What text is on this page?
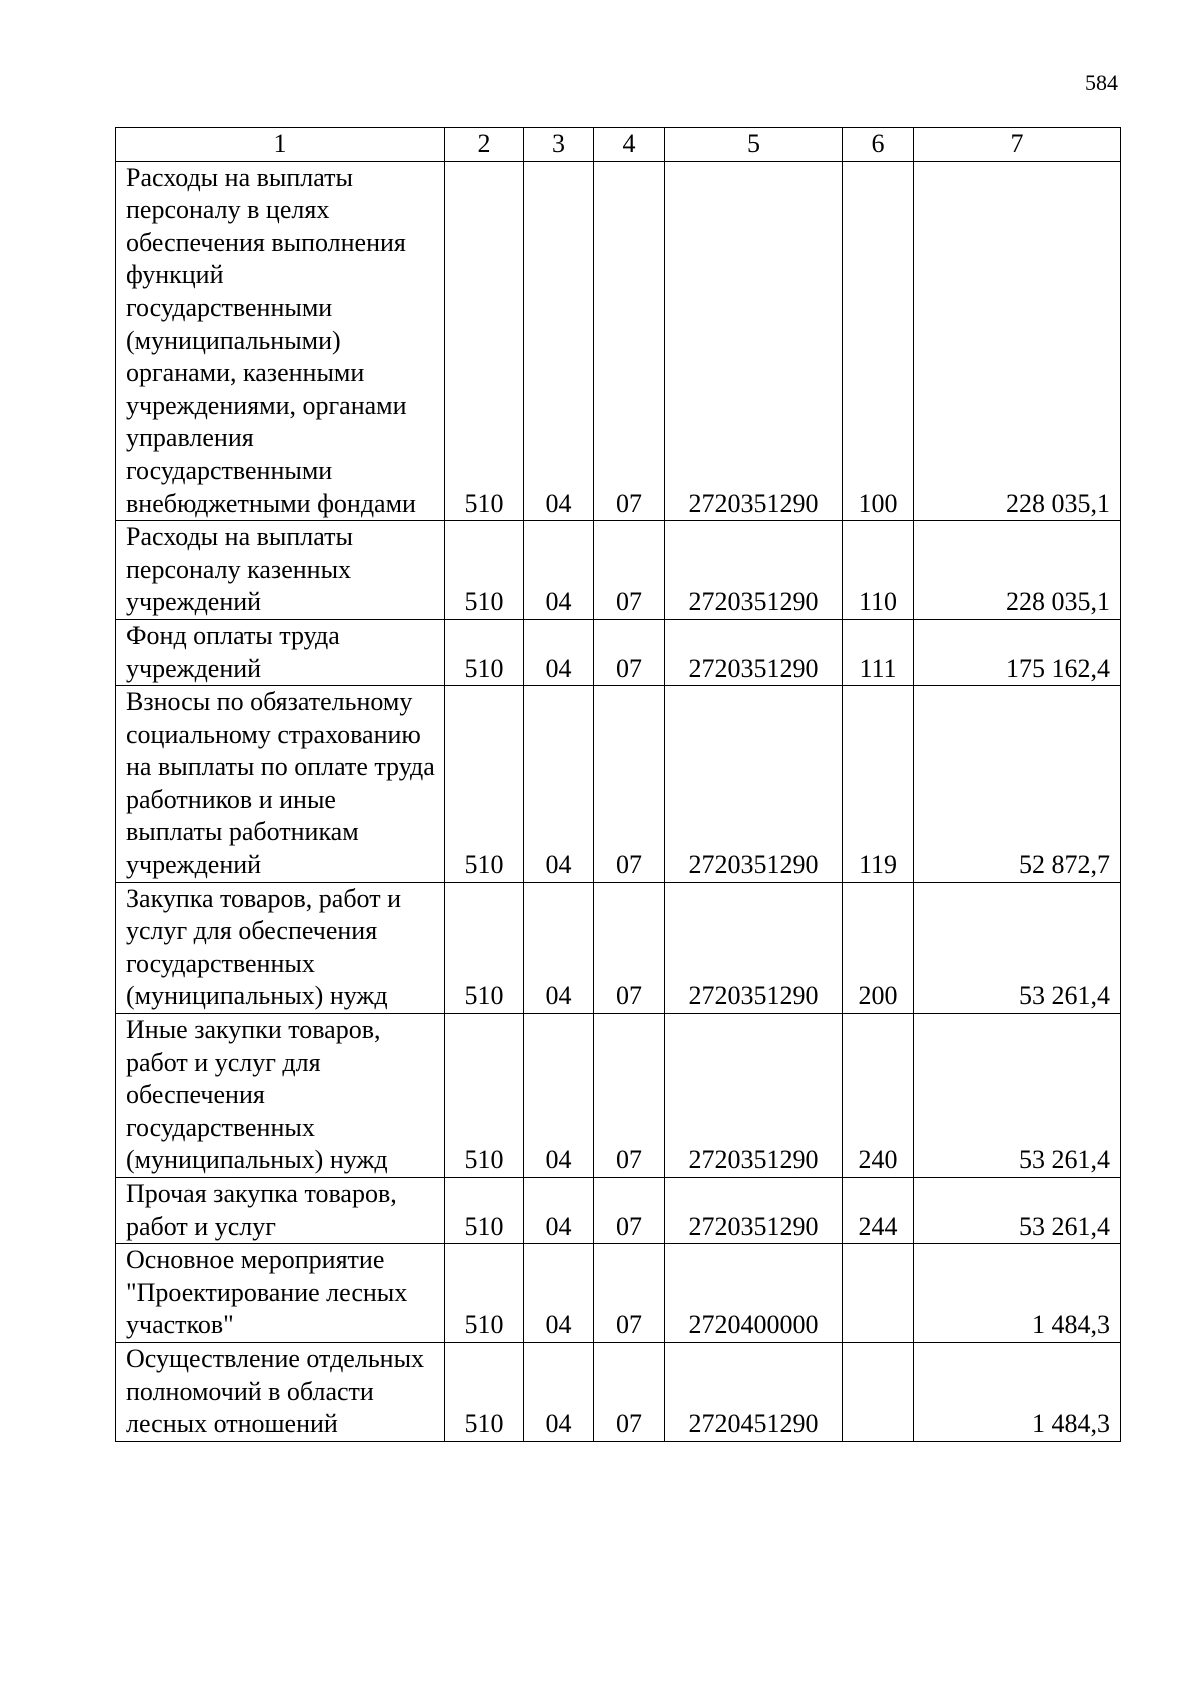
584
1	2	3	4	5	6	7
Расходы на выплаты персоналу в целях обеспечения выполнения функций государственными (муниципальными) органами, казенными учреждениями, органами управления государственными внебюджетными фондами	510	04	07	2720351290	100	228 035,1
Расходы на выплаты персоналу казенных учреждений	510	04	07	2720351290	110	228 035,1
Фонд оплаты труда учреждений	510	04	07	2720351290	111	175 162,4
Взносы по обязательному социальному страхованию на выплаты по оплате труда работников и иные выплаты работникам учреждений	510	04	07	2720351290	119	52 872,7
Закупка товаров, работ и услуг для обеспечения государственных (муниципальных) нужд	510	04	07	2720351290	200	53 261,4
Иные закупки товаров, работ и услуг для обеспечения государственных (муниципальных) нужд	510	04	07	2720351290	240	53 261,4
Прочая закупка товаров, работ и услуг	510	04	07	2720351290	244	53 261,4
Основное мероприятие "Проектирование лесных участков"	510	04	07	2720400000		1 484,3
Осуществление отдельных полномочий в области лесных отношений	510	04	07	2720451290		1 484,3
